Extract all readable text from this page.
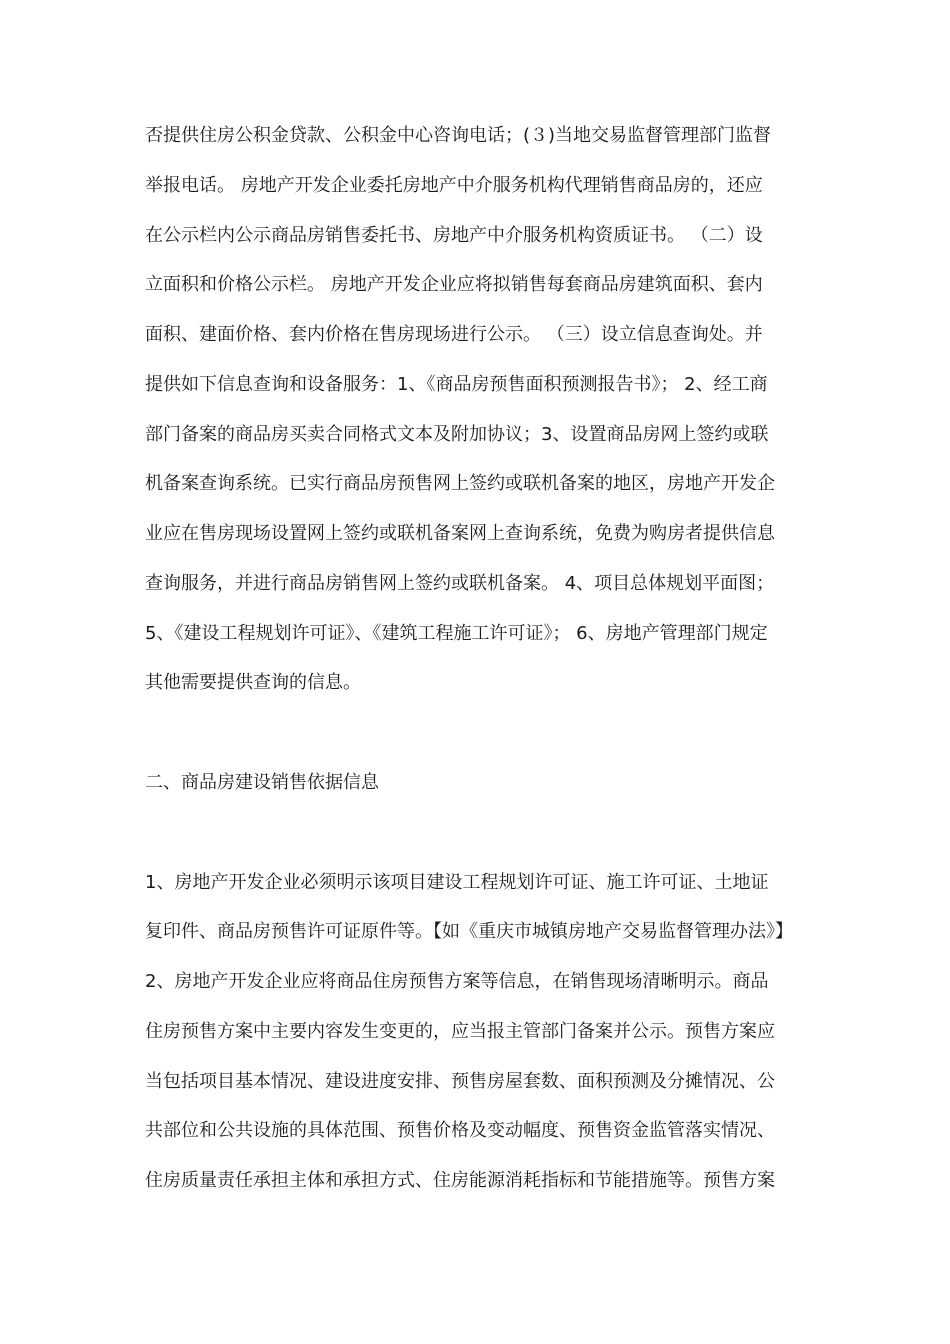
否提供住房公积金贷款、公积金中心咨询电话；(３)当地交易监督管理部门监督
举报电话。 房地产开发企业委托房地产中介服务机构代理销售商品房的，还应
在公示栏内公示商品房销售委托书、房地产中介服务机构资质证书。 （二）设
立面积和价格公示栏。 房地产开发企业应将拟销售每套商品房建筑面积、套内
面积、建面价格、套内价格在售房现场进行公示。 （三）设立信息查询处。并
提供如下信息查询和设备服务：1、《商品房预售面积预测报告书》； 2、经工商
部门备案的商品房买卖合同格式文本及附加协议；3、设置商品房网上签约或联
机备案查询系统。已实行商品房预售网上签约或联机备案的地区，房地产开发企
业应在售房现场设置网上签约或联机备案网上查询系统，免费为购房者提供信息
查询服务，并进行商品房销售网上签约或联机备案。 4、项目总体规划平面图；
5、《建设工程规划许可证》、《建筑工程施工许可证》； 6、房地产管理部门规定
其他需要提供查询的信息。
二、商品房建设销售依据信息
1、房地产开发企业必须明示该项目建设工程规划许可证、施工许可证、土地证
复印件、商品房预售许可证原件等。【如《重庆市城镇房地产交易监督管理办法》】
2、房地产开发企业应将商品住房预售方案等信息，在销售现场清晰明示。商品
住房预售方案中主要内容发生变更的，应当报主管部门备案并公示。预售方案应
当包括项目基本情况、建设进度安排、预售房屋套数、面积预测及分摊情况、公
共部位和公共设施的具体范围、预售价格及变动幅度、预售资金监管落实情况、
住房质量责任承担主体和承担方式、住房能源消耗指标和节能措施等。预售方案
